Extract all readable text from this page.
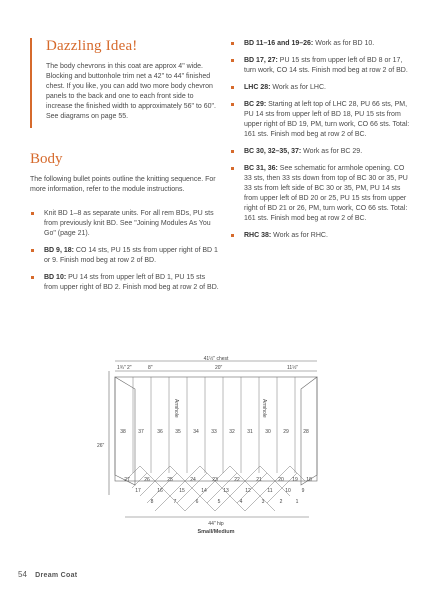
Dazzling Idea!
The body chevrons in this coat are approx 4" wide. Blocking and buttonhole trim net a 42" to 44" finished chest. If you like, you can add two more body chevron panels to the back and one to each front side to increase the finished width to approximately 56" to 60". See diagrams on page 55.
Body
The following bullet points outline the knitting sequence. For more information, refer to the module instructions.
Knit BD 1–8 as separate units. For all rem BDs, PU sts from previously knit BD. See "Joining Modules As You Go" (page 21).
BD 9, 18: CO 14 sts, PU 15 sts from upper right of BD 1 or 9. Finish mod beg at row 2 of BD.
BD 10: PU 14 sts from upper left of BD 1, PU 15 sts from upper right of BD 2. Finish mod beg at row 2 of BD.
BD 11–16 and 19–26: Work as for BD 10.
BD 17, 27: PU 15 sts from upper left of BD 8 or 17, turn work, CO 14 sts. Finish mod beg at row 2 of BD.
LHC 28: Work as for LHC.
BC 29: Starting at left top of LHC 28, PU 66 sts, PM, PU 14 sts from upper left of BD 18, PU 15 sts from upper right of BD 19, PM, turn work, CO 66 sts. Total: 161 sts. Finish mod beg at row 2 of BC.
BC 30, 32–35, 37: Work as for BC 29.
BC 31, 36: See schematic for armhole opening. CO 33 sts, then 33 sts down from top of BC 30 or 35, PU 33 sts from left side of BC 30 or 35, PM, PU 14 sts from upper left of BD 20 or 25, PU 15 sts from upper right of BD 21 or 26, PM, turn work, CO 66 sts. Total: 161 sts. Finish mod beg at row 2 of BC.
RHC 38: Work as for RHC.
41½" chest
1¾" 2"	8"	20"	11½"
26"
Armhole	Armhole
38 37	36 35 34 33 32 31 30 29	28
27	26	25	24	23	22	21	20 19 18
17	16	15	14	13	12	11	10 9
8	7	6	5	4	3	2	1
44" hip
Small/Medium
54 Dream Coat
